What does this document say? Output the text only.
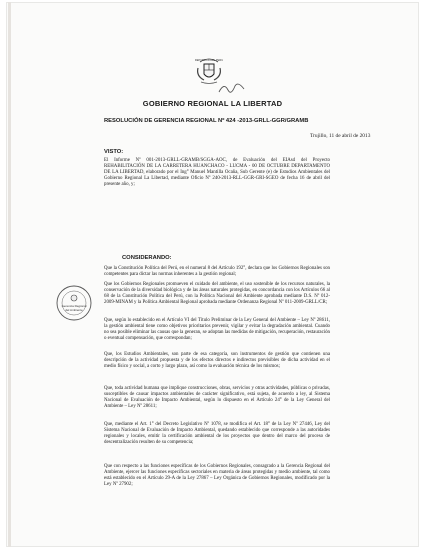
REPUBLICA DEL PERU
GOBIERNO REGIONAL LA LIBERTAD
RESOLUCIÓN DE GERENCIA REGIONAL Nº 424 -2013-GRLL-GGR/GRAMB
Trujillo, 11 de abril de 2013
VISTO:
El Informe Nº 001-2013-GRLL-GRAMB/SGGA-AOC, de Evaluación del EIAsd del Proyecto REHABILITACIÓN DE LA CARRETERA HUANCHACO - LUCMA - 00 DE OCTUBRE DEPARTAMENTO DE LA LIBERTAD, elaborado por el Ing° Manuel Mantilla Ocaña, Sub Gerente (e) de Estudios Ambientales del Gobierno Regional La Libertad, mediante Oficio Nº 240-2013-RLL-GGR-GRI-SGEO de fecha 16 de abril del presente año, y;
CONSIDERANDO:
Gerencia Regional
del Ambiente
Que la Constitución Política del Perú, en el numeral 8 del Artículo 192°, declara que los Gobiernos Regionales son competentes para dictar las normas inherentes a la gestión regional;
Que los Gobiernos Regionales promueven el cuidado del ambiente, el uso sostenible de los recursos naturales, la conservación de la diversidad biológica y de las áreas naturales protegidas, en concordancia con los Artículos 66 al 68 de la Constitución Política del Perú, con la Política Nacional del Ambiente aprobada mediante D.S. Nº 012-2009-MINAM y la Política Ambiental Regional aprobada mediante Ordenanza Regional Nº 011-2009-GRLL/CR;
Que, según lo establecido en el Artículo VI del Título Preliminar de la Ley General del Ambiente – Ley Nº 28611, la gestión ambiental tiene como objetivos prioritarios prevenir, vigilar y evitar la degradación ambiental. Cuando no sea posible eliminar las causas que la generan, se adoptan las medidas de mitigación, recuperación, restauración o eventual compensación, que correspondan;
Que, los Estudios Ambientales, son parte de esa categoría, son instrumentos de gestión que contienen una descripción de la actividad propuesta y de los efectos directos e indirectos previsibles de dicha actividad en el medio físico y social, a corto y largo plazo, así como la evaluación técnica de los mismos;
Que, toda actividad humana que implique construcciones, obras, servicios y otras actividades, públicas o privadas, susceptibles de causar impactos ambientales de carácter significativo, está sujeta, de acuerdo a ley, al Sistema Nacional de Evaluación de Impacto Ambiental, según lo dispuesto en el Artículo 24° de la Ley General del Ambiente – Ley Nº 28611;
Que, mediante el Art. 1° del Decreto Legislativo Nº 1078, se modifica el Art. 18° de la Ley Nº 27446, Ley del Sistema Nacional de Evaluación de Impacto Ambiental, quedando establecido que corresponde a las autoridades regionales y locales, emitir la certificación ambiental de los proyectos que dentro del marco del proceso de descentralización resulten de su competencia;
Que con respecto a las funciones específicas de los Gobiernos Regionales, consagrado a la Gerencia Regional del Ambiente, ejercer las funciones específicas sectoriales en materia de áreas protegidas y medio ambiente, tal como está establecido en el Artículo 29-A de la Ley 27867 – Ley Orgánica de Gobiernos Regionales, modificado por la Ley Nº 27902;
